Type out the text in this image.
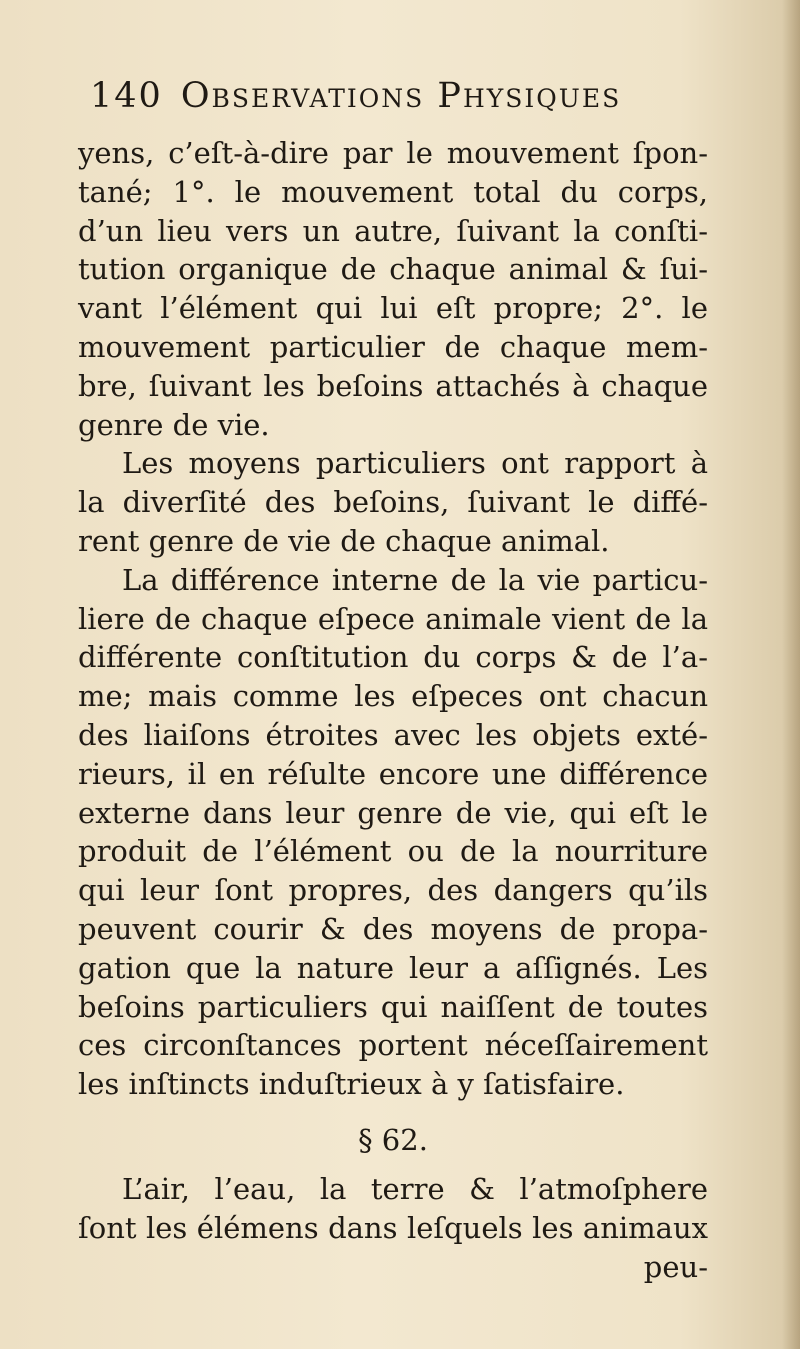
140 Observations Physiques
yens, c’eſt-à-dire par le mouvement ſpon-
tané; 1°. le mouvement total du corps,
d’un lieu vers un autre, ſuivant la conſti-
tution organique de chaque animal & ſui-
vant l’élément qui lui eſt propre; 2°. le
mouvement particulier de chaque mem-
bre, ſuivant les beſoins attachés à chaque
genre de vie.
Les moyens particuliers ont rapport à
la diverſité des beſoins, ſuivant le diffé-
rent genre de vie de chaque animal.
La différence interne de la vie particu-
liere de chaque eſpece animale vient de la
différente conſtitution du corps & de l’a-
me; mais comme les eſpeces ont chacun
des liaiſons étroites avec les objets exté-
rieurs, il en réſulte encore une différence
externe dans leur genre de vie, qui eſt le
produit de l’élément ou de la nourriture
qui leur ſont propres, des dangers qu’ils
peuvent courir & des moyens de propa-
gation que la nature leur a aſſignés. Les
beſoins particuliers qui naiſſent de toutes
ces circonſtances portent néceſſairement
les inſtincts induſtrieux à y ſatisfaire.
§ 62.
L’air, l’eau, la terre & l’atmoſphere
ſont les élémens dans leſquels les animaux
peu-
